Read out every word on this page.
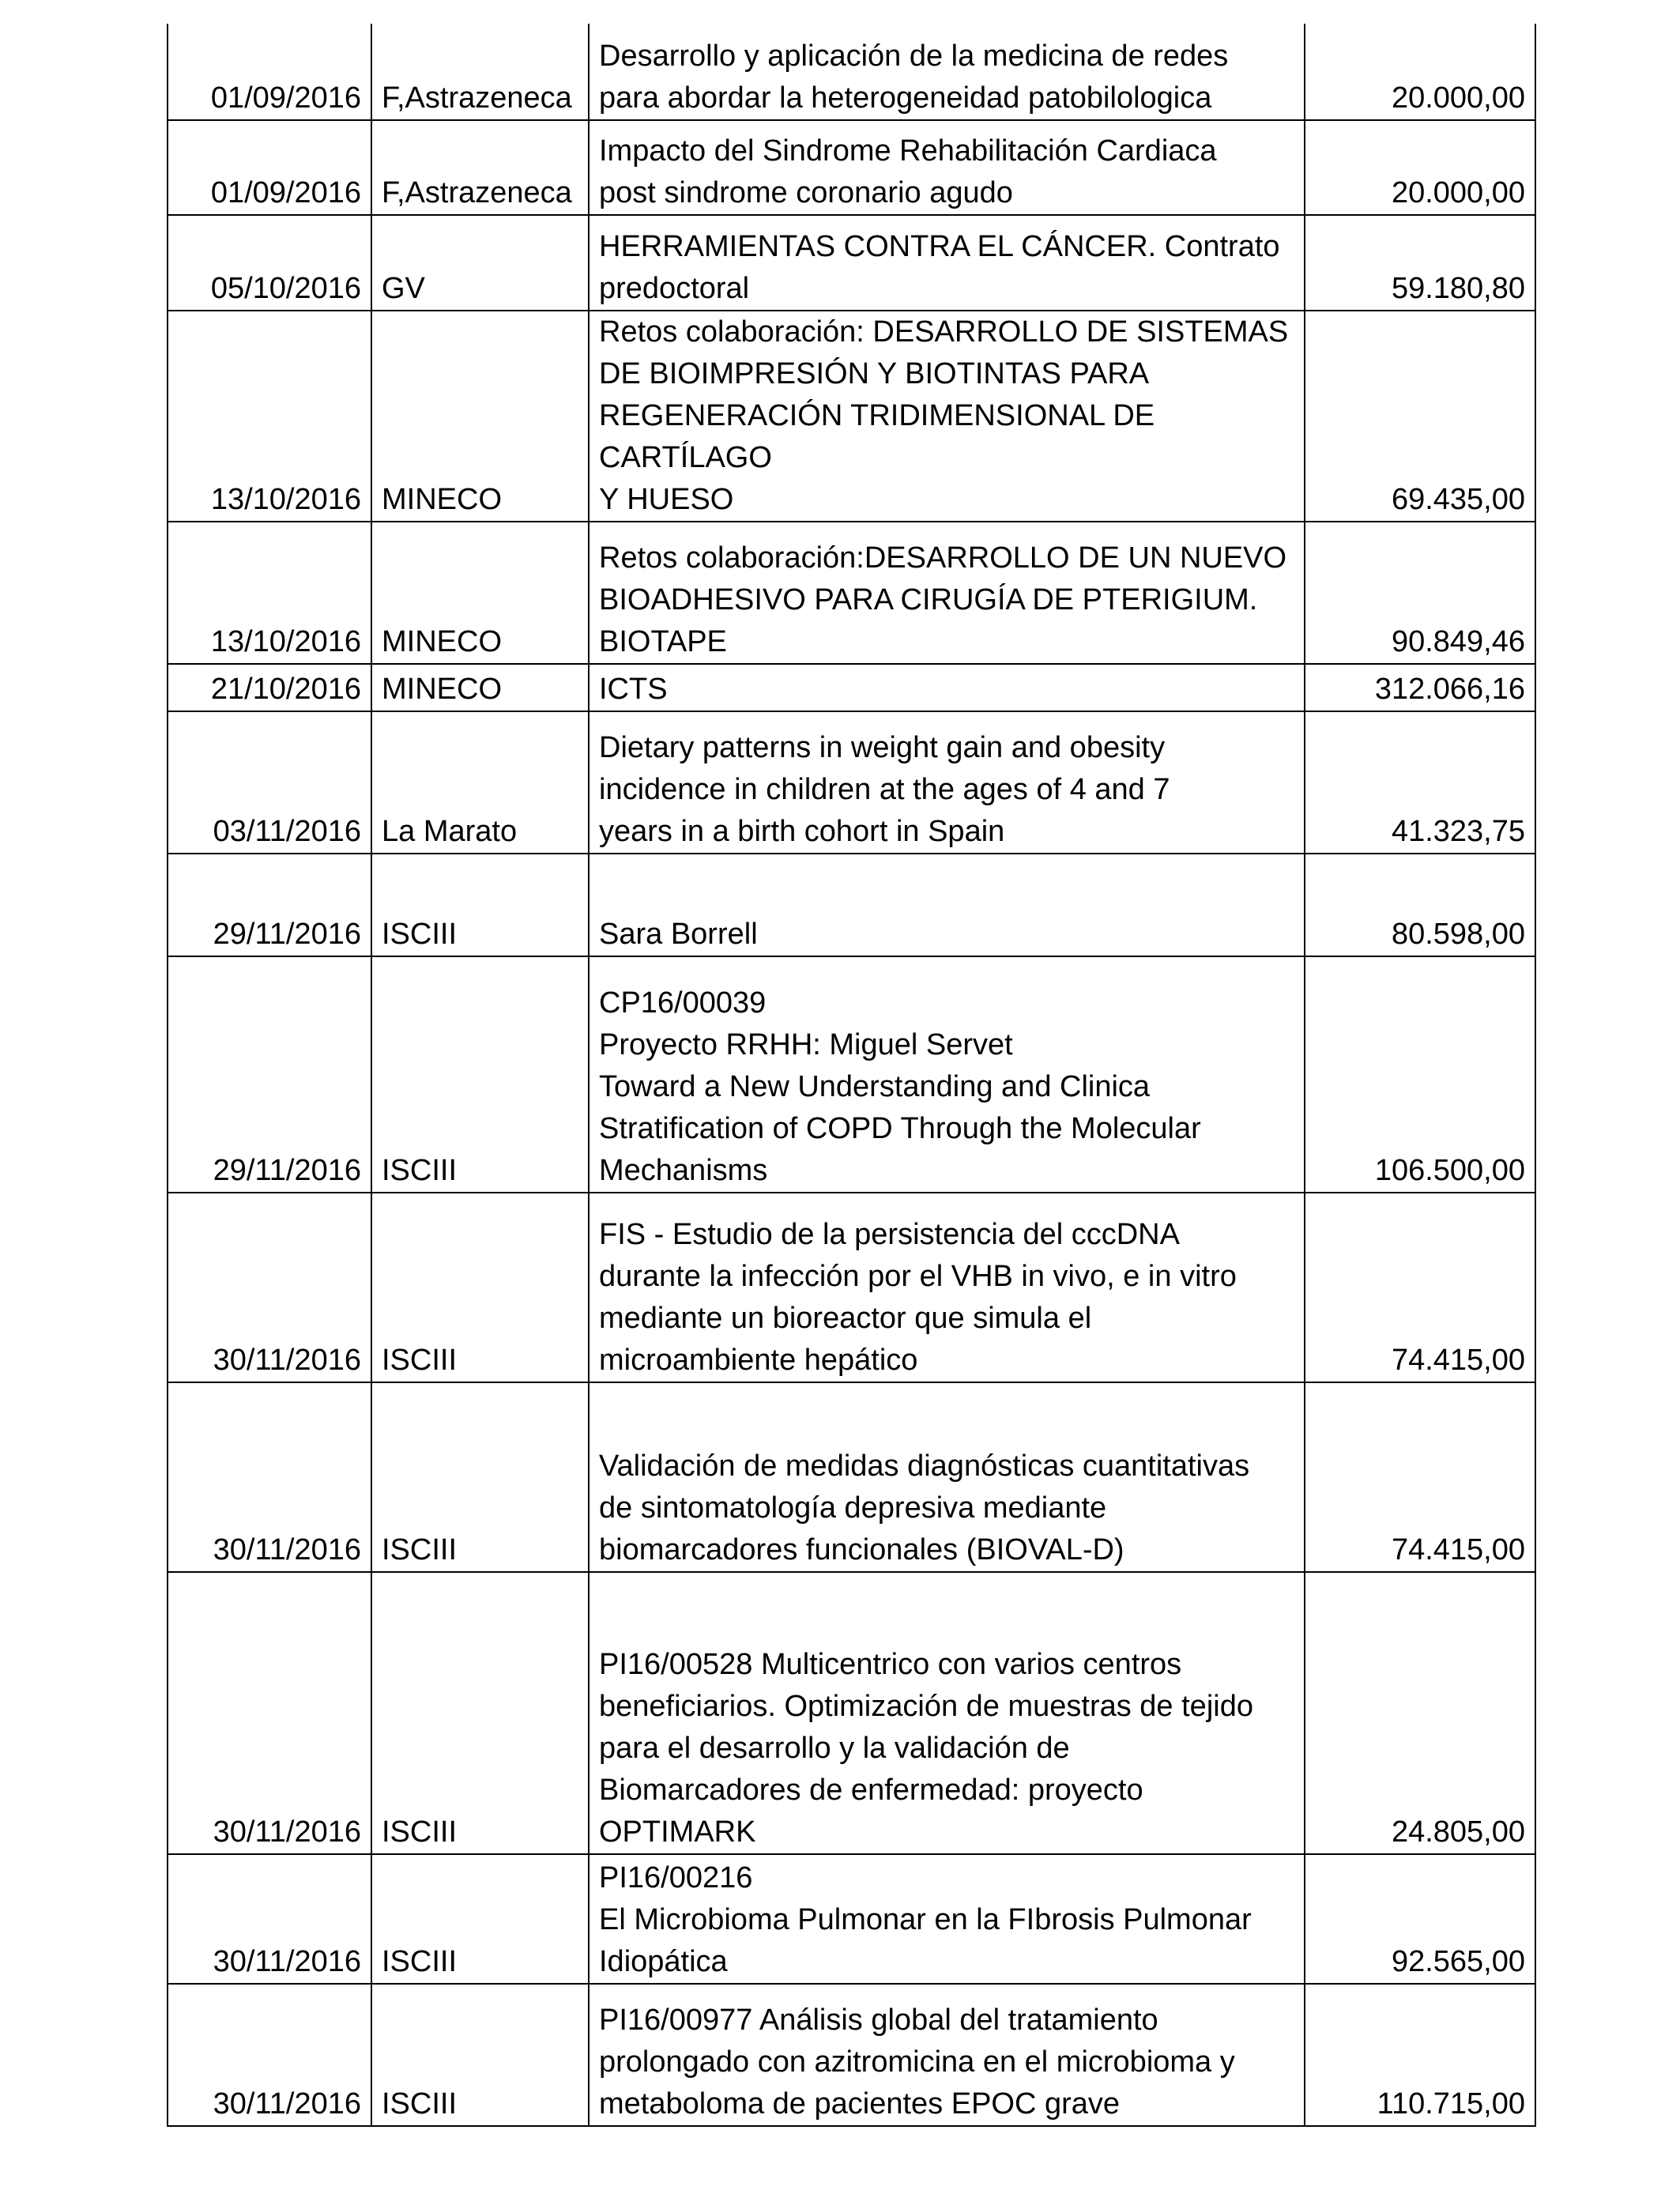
01/09/2016	F,Astrazeneca	Desarrollo y aplicación de la medicina de redes
para abordar la heterogeneidad patobilologica	20.000,00
01/09/2016	F,Astrazeneca	Impacto del Sindrome Rehabilitación Cardiaca
post sindrome coronario agudo	20.000,00
05/10/2016	GV	HERRAMIENTAS CONTRA EL CÁNCER. Contrato
predoctoral	59.180,80
13/10/2016	MINECO	Retos colaboración: DESARROLLO DE SISTEMAS
DE BIOIMPRESIÓN Y BIOTINTAS PARA
REGENERACIÓN TRIDIMENSIONAL DE CARTÍLAGO
Y HUESO	69.435,00
13/10/2016	MINECO	Retos colaboración:DESARROLLO DE UN NUEVO
BIOADHESIVO PARA CIRUGÍA DE PTERIGIUM.
BIOTAPE	90.849,46
21/10/2016	MINECO	ICTS	312.066,16
03/11/2016	La Marato	Dietary patterns in weight gain and obesity
incidence in children at the ages of 4 and 7
years in a birth cohort in Spain	41.323,75
29/11/2016	ISCIII	Sara Borrell	80.598,00
29/11/2016	ISCIII	CP16/00039
Proyecto RRHH: Miguel Servet
Toward a New Understanding and Clinica
Stratification of COPD Through the Molecular
Mechanisms	106.500,00
30/11/2016	ISCIII	FIS - Estudio de la persistencia del cccDNA
durante la infección por el VHB in vivo, e in vitro
mediante un bioreactor que simula el
microambiente hepático	74.415,00
30/11/2016	ISCIII	Validación de medidas diagnósticas cuantitativas
de sintomatología depresiva mediante
biomarcadores funcionales (BIOVAL-D)	74.415,00
30/11/2016	ISCIII	PI16/00528 Multicentrico con varios centros
beneficiarios. Optimización de muestras de tejido
para el desarrollo y la validación de
Biomarcadores de enfermedad: proyecto
OPTIMARK	24.805,00
30/11/2016	ISCIII	PI16/00216
El Microbioma Pulmonar en la FIbrosis Pulmonar
Idiopática	92.565,00
30/11/2016	ISCIII	PI16/00977 Análisis global del tratamiento
prolongado con azitromicina en el microbioma y
metaboloma de pacientes EPOC grave	110.715,00
